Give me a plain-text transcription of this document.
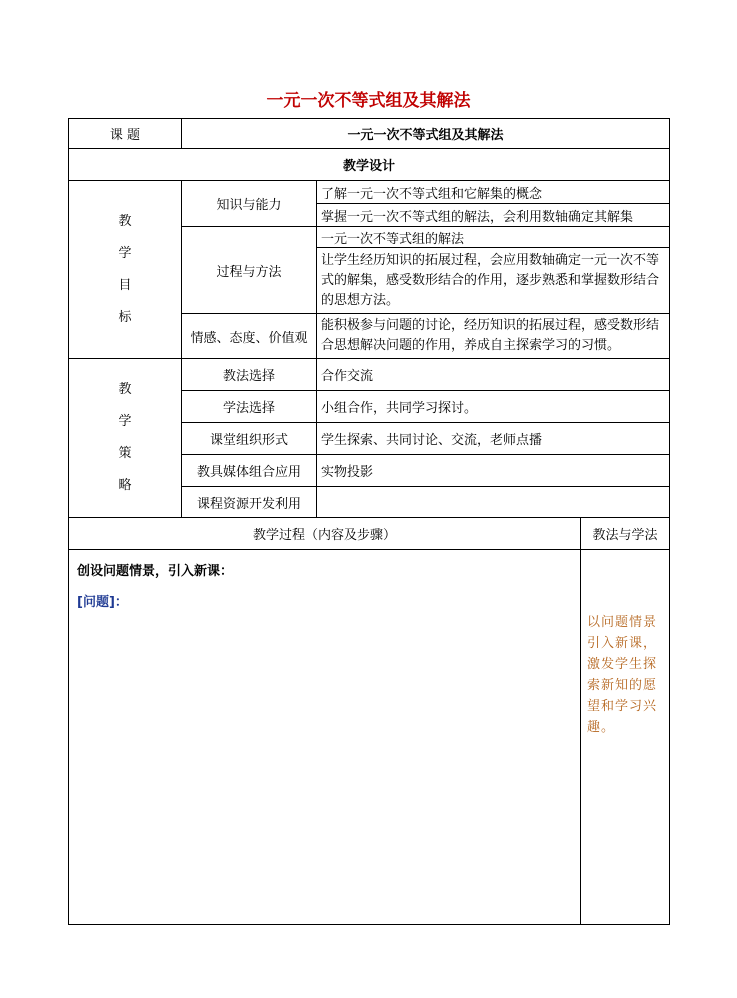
一元一次不等式组及其解法
课 题	一元一次不等式组及其解法		
教学设计			

教
学
目
标	知识与能力	了解一元一次不等式组和它解集的概念	
		掌握一元一次不等式组的解法，会利用数轴确定其解集	
	过程与方法	一元一次不等式组的解法	
		让学生经历知识的拓展过程，会应用数轴确定一元一次不等式的解集，感受数形结合的作用，逐步熟悉和掌握数形结合的思想方法。	
	情感、态度、价值观	能积极参与问题的讨论，经历知识的拓展过程，感受数形结合思想解决问题的作用，养成自主探索学习的习惯。	

教
学
策
略	教法选择	合作交流	
	学法选择	小组合作，共同学习探讨。	
	课堂组织形式	学生探索、共同讨论、交流，老师点播	
	教具媒体组合应用	实物投影	
	课程资源开发利用		
教学过程（内容及步骤）			教法与学法

创设问题情景，引入新课：
[问题]：			以问题情景引入新课，激发学生探索新知的愿望和学习兴趣。
